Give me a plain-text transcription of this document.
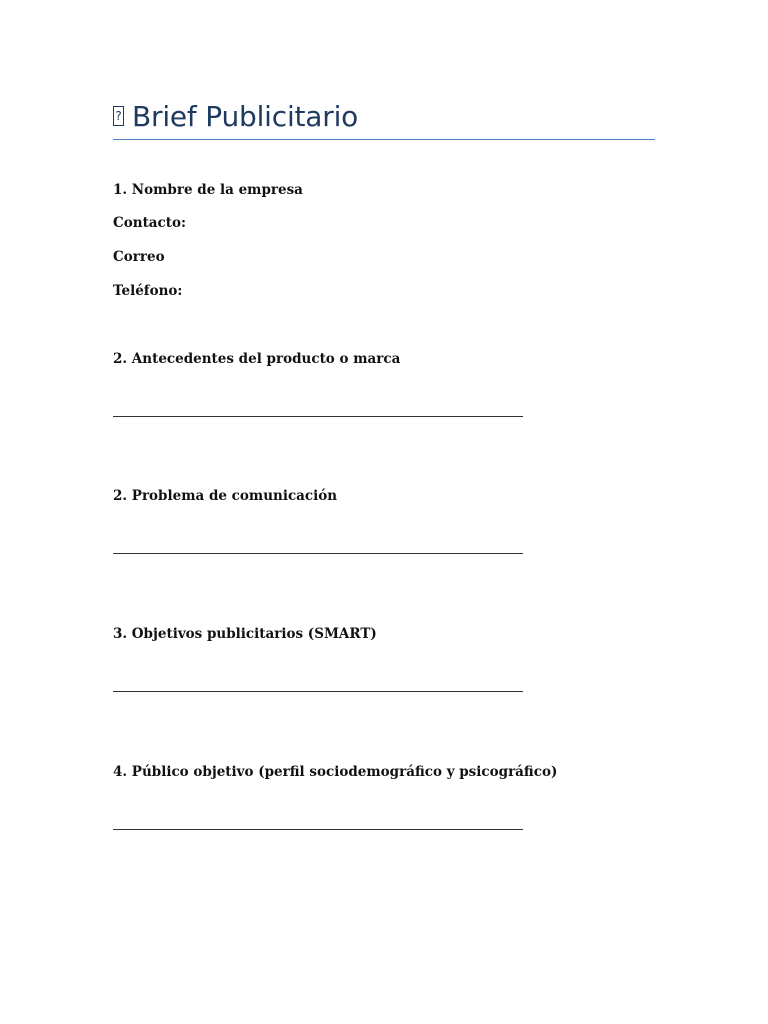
? Brief Publicitario
1. Nombre de la empresa
Contacto:
Correo
Teléfono:
2. Antecedentes del producto o marca
2. Problema de comunicación
3. Objetivos publicitarios (SMART)
4. Público objetivo (perfil sociodemográfico y psicográfico)
